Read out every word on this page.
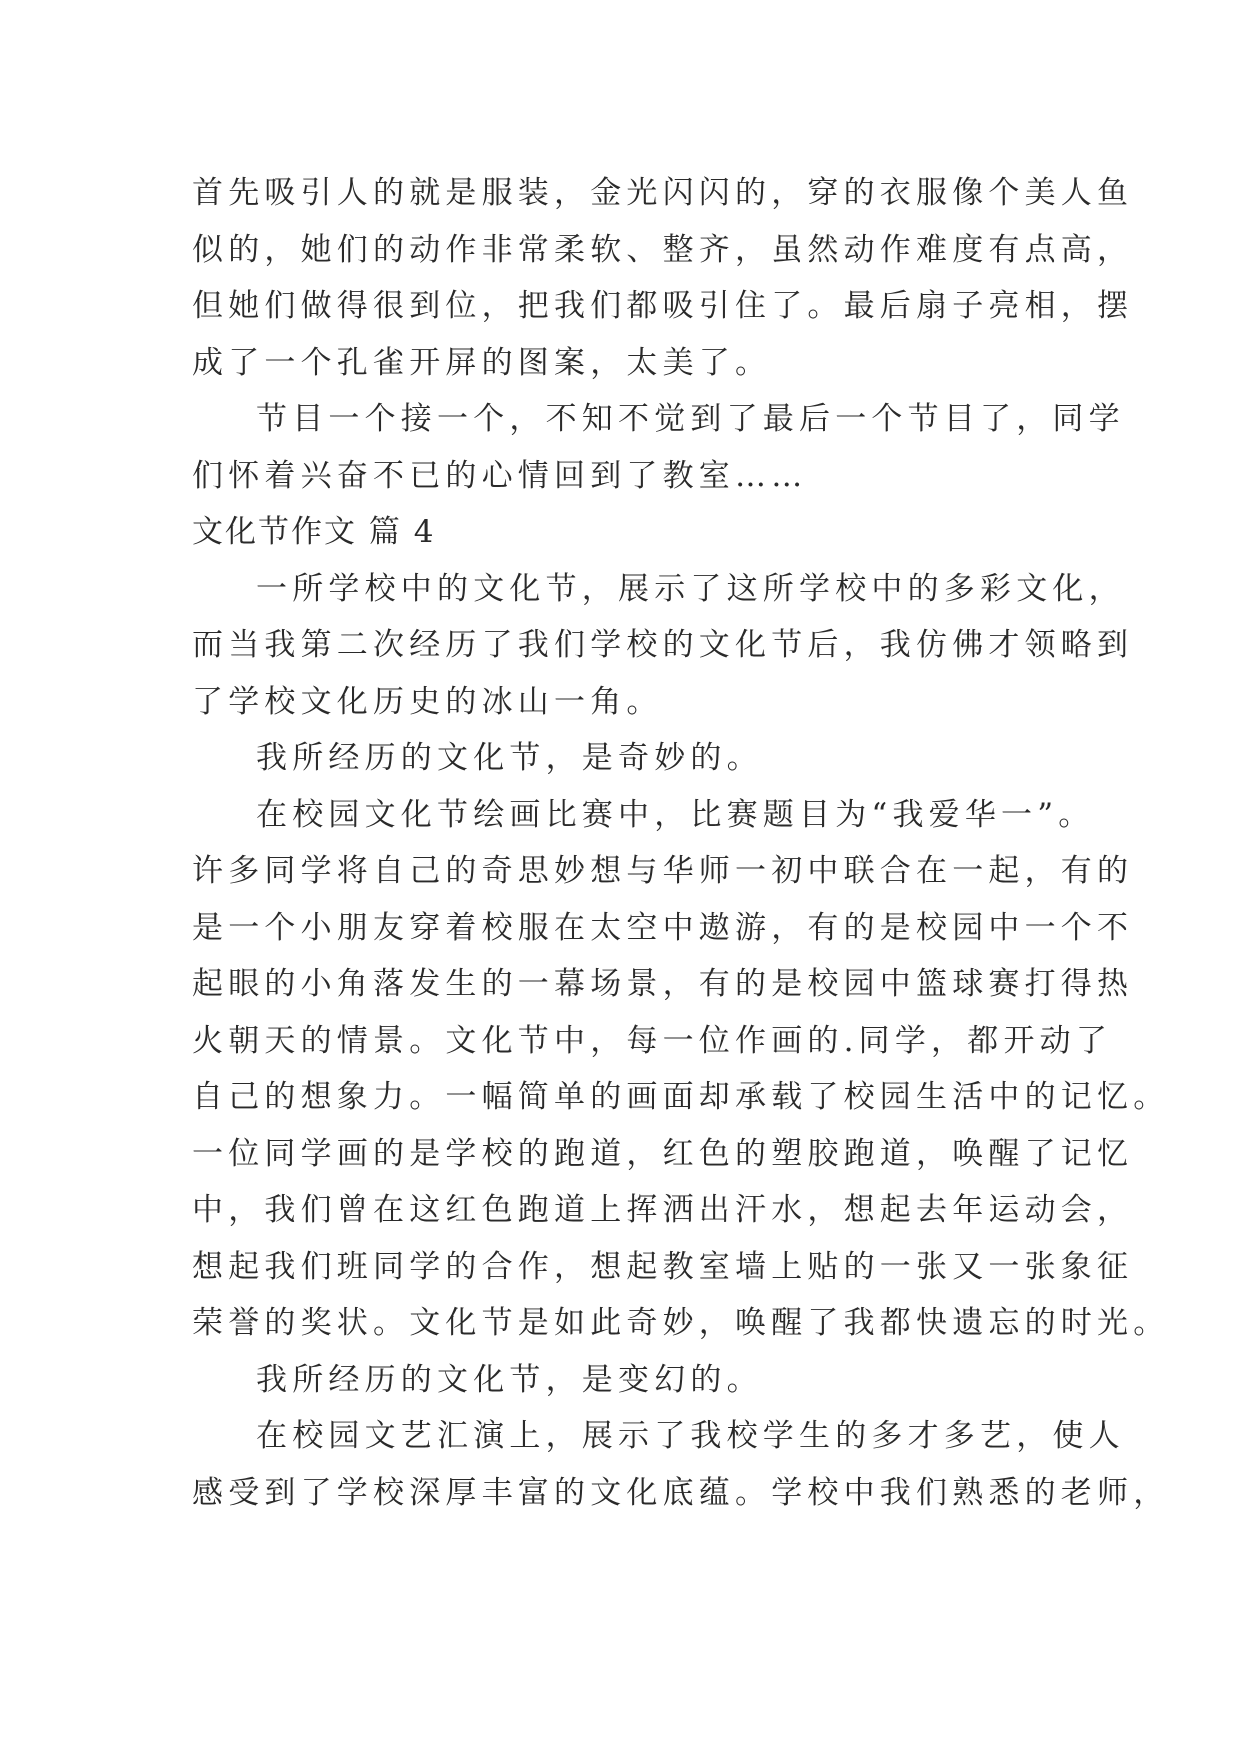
首先吸引人的就是服装，金光闪闪的，穿的衣服像个美人鱼
似的，她们的动作非常柔软、整齐，虽然动作难度有点高，
但她们做得很到位，把我们都吸引住了。最后扇子亮相，摆
成了一个孔雀开屏的图案，太美了。
节目一个接一个，不知不觉到了最后一个节目了，同学
们怀着兴奋不已的心情回到了教室……
文化节作文 篇 4
一所学校中的文化节，展示了这所学校中的多彩文化，
而当我第二次经历了我们学校的文化节后，我仿佛才领略到
了学校文化历史的冰山一角。
我所经历的文化节，是奇妙的。
在校园文化节绘画比赛中，比赛题目为“我爱华一”。
许多同学将自己的奇思妙想与华师一初中联合在一起，有的
是一个小朋友穿着校服在太空中遨游，有的是校园中一个不
起眼的小角落发生的一幕场景，有的是校园中篮球赛打得热
火朝天的情景。文化节中，每一位作画的.同学，都开动了
自己的想象力。一幅简单的画面却承载了校园生活中的记忆。
一位同学画的是学校的跑道，红色的塑胶跑道，唤醒了记忆
中，我们曾在这红色跑道上挥洒出汗水，想起去年运动会，
想起我们班同学的合作，想起教室墙上贴的一张又一张象征
荣誉的奖状。文化节是如此奇妙，唤醒了我都快遗忘的时光。
我所经历的文化节，是变幻的。
在校园文艺汇演上，展示了我校学生的多才多艺，使人
感受到了学校深厚丰富的文化底蕴。学校中我们熟悉的老师，
